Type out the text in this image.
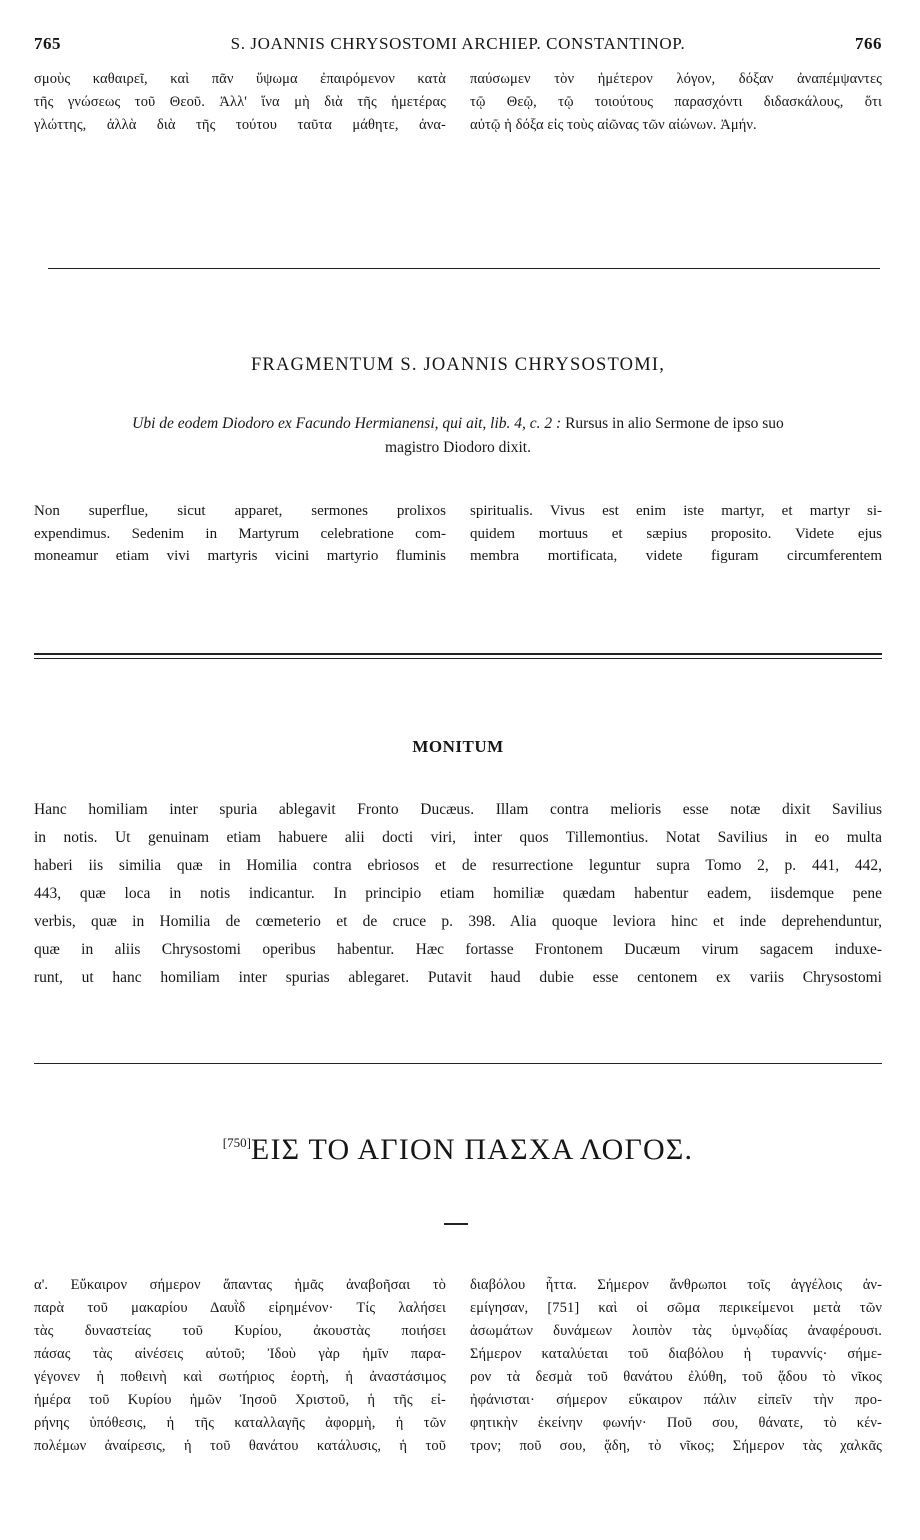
765	S. JOANNIS CHRYSOSTOMI ARCHIEP. CONSTANTINOP.	766
σμοὺς καθαιρεῖ, καὶ πᾶν ὕψωμα ἐπαιρόμενον κατὰ
τῆς γνώσεως τοῦ Θεοῦ. Ἀλλ' ἵνα μὴ διὰ τῆς ἡμετέρας
γλώττης, ἀλλὰ διὰ τῆς τούτου ταῦτα μάθητε, ἀνα-
παύσωμεν τὸν ἡμέτερον λόγον, δόξαν ἀναπέμψαντες
τῷ Θεῷ, τῷ τοιούτους παρασχόντι διδασκάλους, ὅτι
αὐτῷ ἡ δόξα εἰς τοὺς αἰῶνας τῶν αἰώνων. Ἀμήν.
FRAGMENTUM S. JOANNIS CHRYSOSTOMI,
Ubi de eodem Diodoro ex Facundo Hermianensi, qui ait, lib. 4, c. 2 : Rursus in alio Sermone de ipso suo
magistro Diodoro dixit.
Non superflue, sicut apparet, sermones prolixos
expendimus. Sedenim in Martyrum celebratione com-
moneamur etiam vivi martyris vicini martyrio fluminis
spiritualis. Vivus est enim iste martyr, et martyr si-
quidem mortuus et sæpius proposito. Videte ejus
membra mortificata, videte figuram circumferentem
MONITUM
Hanc homiliam inter spuria ablegavit Fronto Ducæus. Illam contra melioris esse notæ dixit Savilius
in notis. Ut genuinam etiam habuere alii docti viri, inter quos Tillemontius. Notat Savilius in eo multa
haberi iis similia quæ in Homilia contra ebriosos et de resurrectione leguntur supra Tomo 2, p. 441, 442,
443, quæ loca in notis indicantur. In principio etiam homiliæ quædam habentur eadem, iisdemque pene
verbis, quæ in Homilia de cœmeterio et de cruce p. 398. Alia quoque leviora hinc et inde deprehenduntur,
quæ in aliis Chrysostomi operibus habentur. Hæc fortasse Frontonem Ducæum virum sagacem induxe-
runt, ut hanc homiliam inter spurias ablegaret. Putavit haud dubie esse centonem ex variis Chrysostomi
[750]ΕΙΣ ΤΟ ΑΓΙΟΝ ΠΑΣΧΑ ΛΟΓΟΣ.
α'. Εὔκαιρον σήμερον ἅπαντας ἡμᾶς ἀναβοῆσαι τὸ
παρὰ τοῦ μακαρίου Δαυῒδ εἰρημένον· Τίς λαλήσει
τὰς δυναστείας τοῦ Κυρίου, ἀκουστὰς ποιήσει
πάσας τὰς αἰνέσεις αὐτοῦ; Ἰδοὺ γὰρ ἡμῖν παρα-
γέγονεν ἡ ποθεινὴ καὶ σωτήριος ἑορτὴ, ἡ ἀναστάσιμος
ἡμέρα τοῦ Κυρίου ἡμῶν Ἰησοῦ Χριστοῦ, ἡ τῆς εἰ-
ρήνης ὑπόθεσις, ἡ τῆς καταλλαγῆς ἀφορμὴ, ἡ τῶν
πολέμων ἀναίρεσις, ἡ τοῦ θανάτου κατάλυσις, ἡ τοῦ
διαβόλου ἧττα. Σήμερον ἄνθρωποι τοῖς ἀγγέλοις ἀν-
εμίγησαν, [751] καὶ οἱ σῶμα περικείμενοι μετὰ τῶν
ἀσωμάτων δυνάμεων λοιπὸν τὰς ὑμνῳδίας ἀναφέρουσι.
Σήμερον καταλύεται τοῦ διαβόλου ἡ τυραννίς· σήμε-
ρον τὰ δεσμὰ τοῦ θανάτου ἐλύθη, τοῦ ᾅδου τὸ νῖκος
ἠφάνισται· σήμερον εὔκαιρον πάλιν εἰπεῖν τὴν προ-
φητικὴν ἐκείνην φωνήν· Ποῦ σου, θάνατε, τὸ κέν-
τρον; ποῦ σου, ᾅδη, τὸ νῖκος; Σήμερον τὰς χαλκᾶς
